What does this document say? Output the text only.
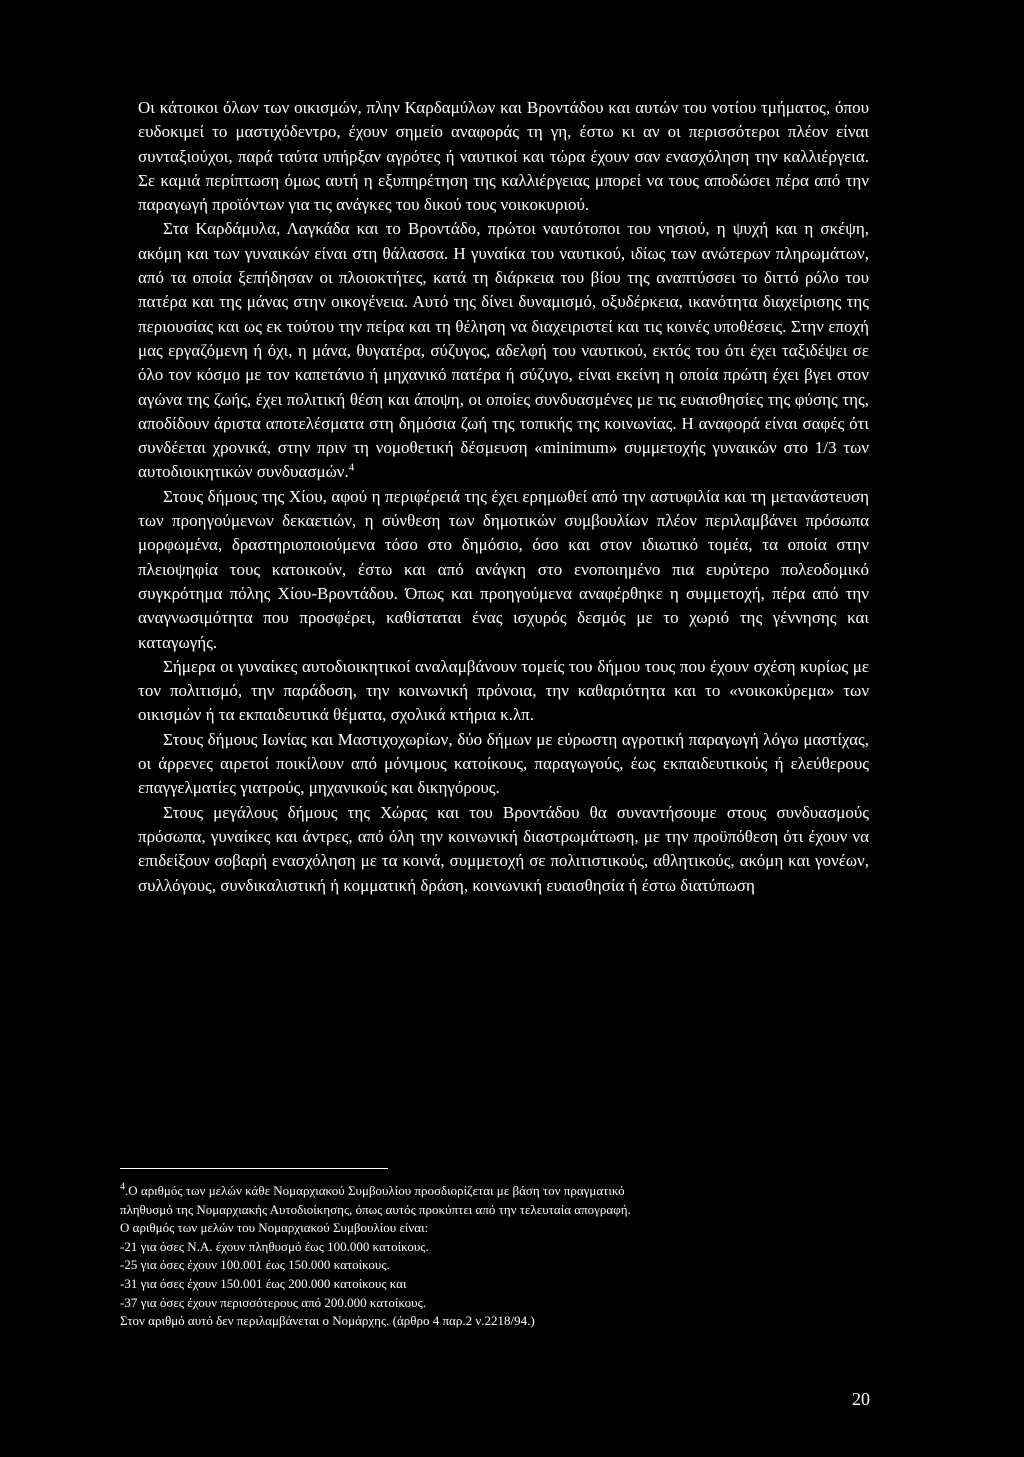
Οι κάτοικοι όλων των οικισμών, πλην Καρδαμύλων και Βροντάδου και αυτών του νοτίου τμήματος, όπου ευδοκιμεί το μαστιχόδεντρο, έχουν σημείο αναφοράς τη γη, έστω κι αν οι περισσότεροι πλέον είναι συνταξιούχοι, παρά ταύτα υπήρξαν αγρότες ή ναυτικοί και τώρα έχουν σαν ενασχόληση την καλλιέργεια. Σε καμιά περίπτωση όμως αυτή η εξυπηρέτηση της καλλιέργειας μπορεί να τους αποδώσει πέρα από την παραγωγή προϊόντων για τις ανάγκες του δικού τους νοικοκυριού.

Στα Καρδάμυλα, Λαγκάδα και το Βροντάδο, πρώτοι ναυτότοποι του νησιού, η ψυχή και η σκέψη, ακόμη και των γυναικών είναι στη θάλασσα. Η γυναίκα του ναυτικού, ιδίως των ανώτερων πληρωμάτων, από τα οποία ξεπήδησαν οι πλοιοκτήτες, κατά τη διάρκεια του βίου της αναπτύσσει το διττό ρόλο του πατέρα και της μάνας στην οικογένεια. Αυτό της δίνει δυναμισμό, οξυδέρκεια, ικανότητα διαχείρισης της περιουσίας και ως εκ τούτου την πείρα και τη θέληση να διαχειριστεί και τις κοινές υποθέσεις. Στην εποχή μας εργαζόμενη ή όχι, η μάνα, θυγατέρα, σύζυγος, αδελφή του ναυτικού, εκτός του ότι έχει ταξιδέψει σε όλο τον κόσμο με τον καπετάνιο ή μηχανικό πατέρα ή σύζυγο, είναι εκείνη η οποία πρώτη έχει βγει στον αγώνα της ζωής, έχει πολιτική θέση και άποψη, οι οποίες συνδυασμένες με τις ευαισθησίες της φύσης της, αποδίδουν άριστα αποτελέσματα στη δημόσια ζωή της τοπικής της κοινωνίας. Η αναφορά είναι σαφές ότι συνδέεται χρονικά, στην πριν τη νομοθετική δέσμευση «minimum» συμμετοχής γυναικών στο 1/3 των αυτοδιοικητικών συνδυασμών.$^4$

Στους δήμους της Χίου, αφού η περιφέρειά της έχει ερημωθεί από την αστυφιλία και τη μετανάστευση των προηγούμενων δεκαετιών, η σύνθεση των δημοτικών συμβουλίων πλέον περιλαμβάνει πρόσωπα μορφωμένα, δραστηριοποιούμενα τόσο στο δημόσιο, όσο και στον ιδιωτικό τομέα, τα οποία στην πλειοψηφία τους κατοικούν, έστω και από ανάγκη στο ενοποιημένο πια ευρύτερο πολεοδομικό συγκρότημα πόλης Χίου-Βροντάδου. Όπως και προηγούμενα αναφέρθηκε η συμμετοχή, πέρα από την αναγνωσιμότητα που προσφέρει, καθίσταται ένας ισχυρός δεσμός με το χωριό της γέννησης και καταγωγής.

Σήμερα οι γυναίκες αυτοδιοικητικοί αναλαμβάνουν τομείς του δήμου τους που έχουν σχέση κυρίως με τον πολιτισμό, την παράδοση, την κοινωνική πρόνοια, την καθαριότητα και το «νοικοκύρεμα» των οικισμών ή τα εκπαιδευτικά θέματα, σχολικά κτήρια κ.λπ.

Στους δήμους Ιωνίας και Μαστιχοχωρίων, δύο δήμων με εύρωστη αγροτική παραγωγή λόγω μαστίχας, οι άρρενες αιρετοί ποικίλουν από μόνιμους κατοίκους, παραγωγούς, έως εκπαιδευτικούς ή ελεύθερους επαγγελματίες γιατρούς, μηχανικούς και δικηγόρους.

Στους μεγάλους δήμους της Χώρας και του Βροντάδου θα συναντήσουμε στους συνδυασμούς πρόσωπα, γυναίκες και άντρες, από όλη την κοινωνική διαστρωμάτωση, με την προϋπόθεση ότι έχουν να επιδείξουν σοβαρή ενασχόληση με τα κοινά, συμμετοχή σε πολιτιστικούς, αθλητικούς, ακόμη και γονέων, συλλόγους, συνδικαλιστική ή κομματική δράση, κοινωνική ευαισθησία ή έστω διατύπωση

$^4$.Ο αριθμός των μελών κάθε Νομαρχιακού Συμβουλίου προσδιορίζεται με βάση τον πραγματικό
πληθυσμό της Νομαρχιακής Αυτοδιοίκησης, όπως αυτός προκύπτει από την τελευταία απογραφή.
Ο αριθμός των μελών του Νομαρχιακού Συμβουλίου είναι:
-21 για όσες Ν.Α. έχουν πληθυσμό έως 100.000 κατοίκους.
-25 για όσες έχουν 100.001 έως 150.000 κατοίκους.
-31 για όσες έχουν 150.001 έως 200.000 κατοίκους και
-37 για όσες έχουν περισσότερους από 200.000 κατοίκους.
Στον αριθμό αυτό δεν περιλαμβάνεται ο Νομάρχης. (άρθρο 4 παρ.2 ν.2218/94.)
20
